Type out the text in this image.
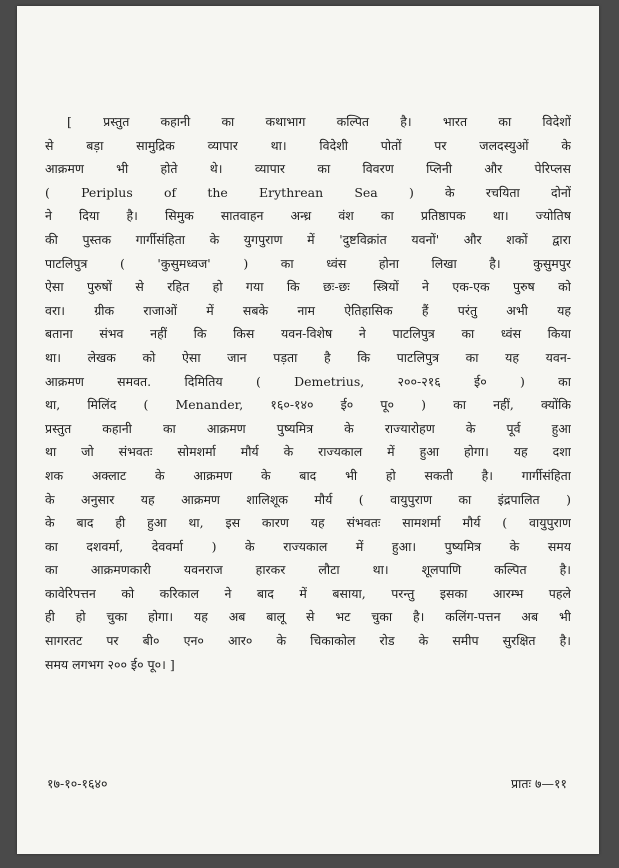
[ प्रस्तुत कहानी का कथाभाग कल्पित है। भारत का विदेशों
से बड़ा सामुद्रिक व्यापार था। विदेशी पोतों पर जलदस्युओं के
आक्रमण भी होते थे। व्यापार का विवरण प्लिनी और पेरिप्लस
( Periplus of the Erythrean Sea ) के रचयिता दोनों
ने दिया है। सिमुक सातवाहन अन्ध्र वंश का प्रतिष्ठापक था। ज्योतिष
की पुस्तक गार्गीसंहिता के युगपुराण में 'दुष्टविक्रांत यवनों' और शकों द्वारा
पाटलिपुत्र ( 'कुसुमध्वज' ) का ध्वंस होना लिखा है। कुसुमपुर
ऐसा पुरुषों से रहित हो गया कि छः-छः स्त्रियों ने एक-एक पुरुष को
वरा। ग्रीक राजाओं में सबके नाम ऐतिहासिक हैं परंतु अभी यह
बताना संभव नहीं कि किस यवन-विशेष ने पाटलिपुत्र का ध्वंस किया
था। लेखक को ऐसा जान पड़ता है कि पाटलिपुत्र का यह यवन-
आक्रमण समवत. दिमितिय ( Demetrius, २००-२१६ ई० ) का
था, मिलिंद ( Menander, १६०-१४० ई० पू० ) का नहीं, क्योंकि
प्रस्तुत कहानी का आक्रमण पुष्यमित्र के राज्यारोहण के पूर्व हुआ
था जो संभवतः सोमशर्मा मौर्य के राज्यकाल में हुआ होगा। यह दशा
शक अक्लाट के आक्रमण के बाद भी हो सकती है। गार्गीसंहिता
के अनुसार यह आक्रमण शालिशूक मौर्य ( वायुपुराण का इंद्रपालित )
के बाद ही हुआ था, इस कारण यह संभवतः सामशर्मा मौर्य ( वायुपुराण
का दशवर्मा, देववर्मा ) के राज्यकाल में हुआ। पुष्यमित्र के समय
का आक्रमणकारी यवनराज हारकर लौटा था। शूलपाणि कल्पित है।
कावेरिपत्तन को करिकाल ने बाद में बसाया, परन्तु इसका आरम्भ पहले
ही हो चुका होगा। यह अब बालू से भट चुका है। कलिंग-पत्तन अब भी
सागरतट पर बी० एन० आर० के चिकाकोल रोड के समीप सुरक्षित है।
समय लगभग २०० ई० पू०। ]
१७-१०-१६४०	प्रातः ७—११
